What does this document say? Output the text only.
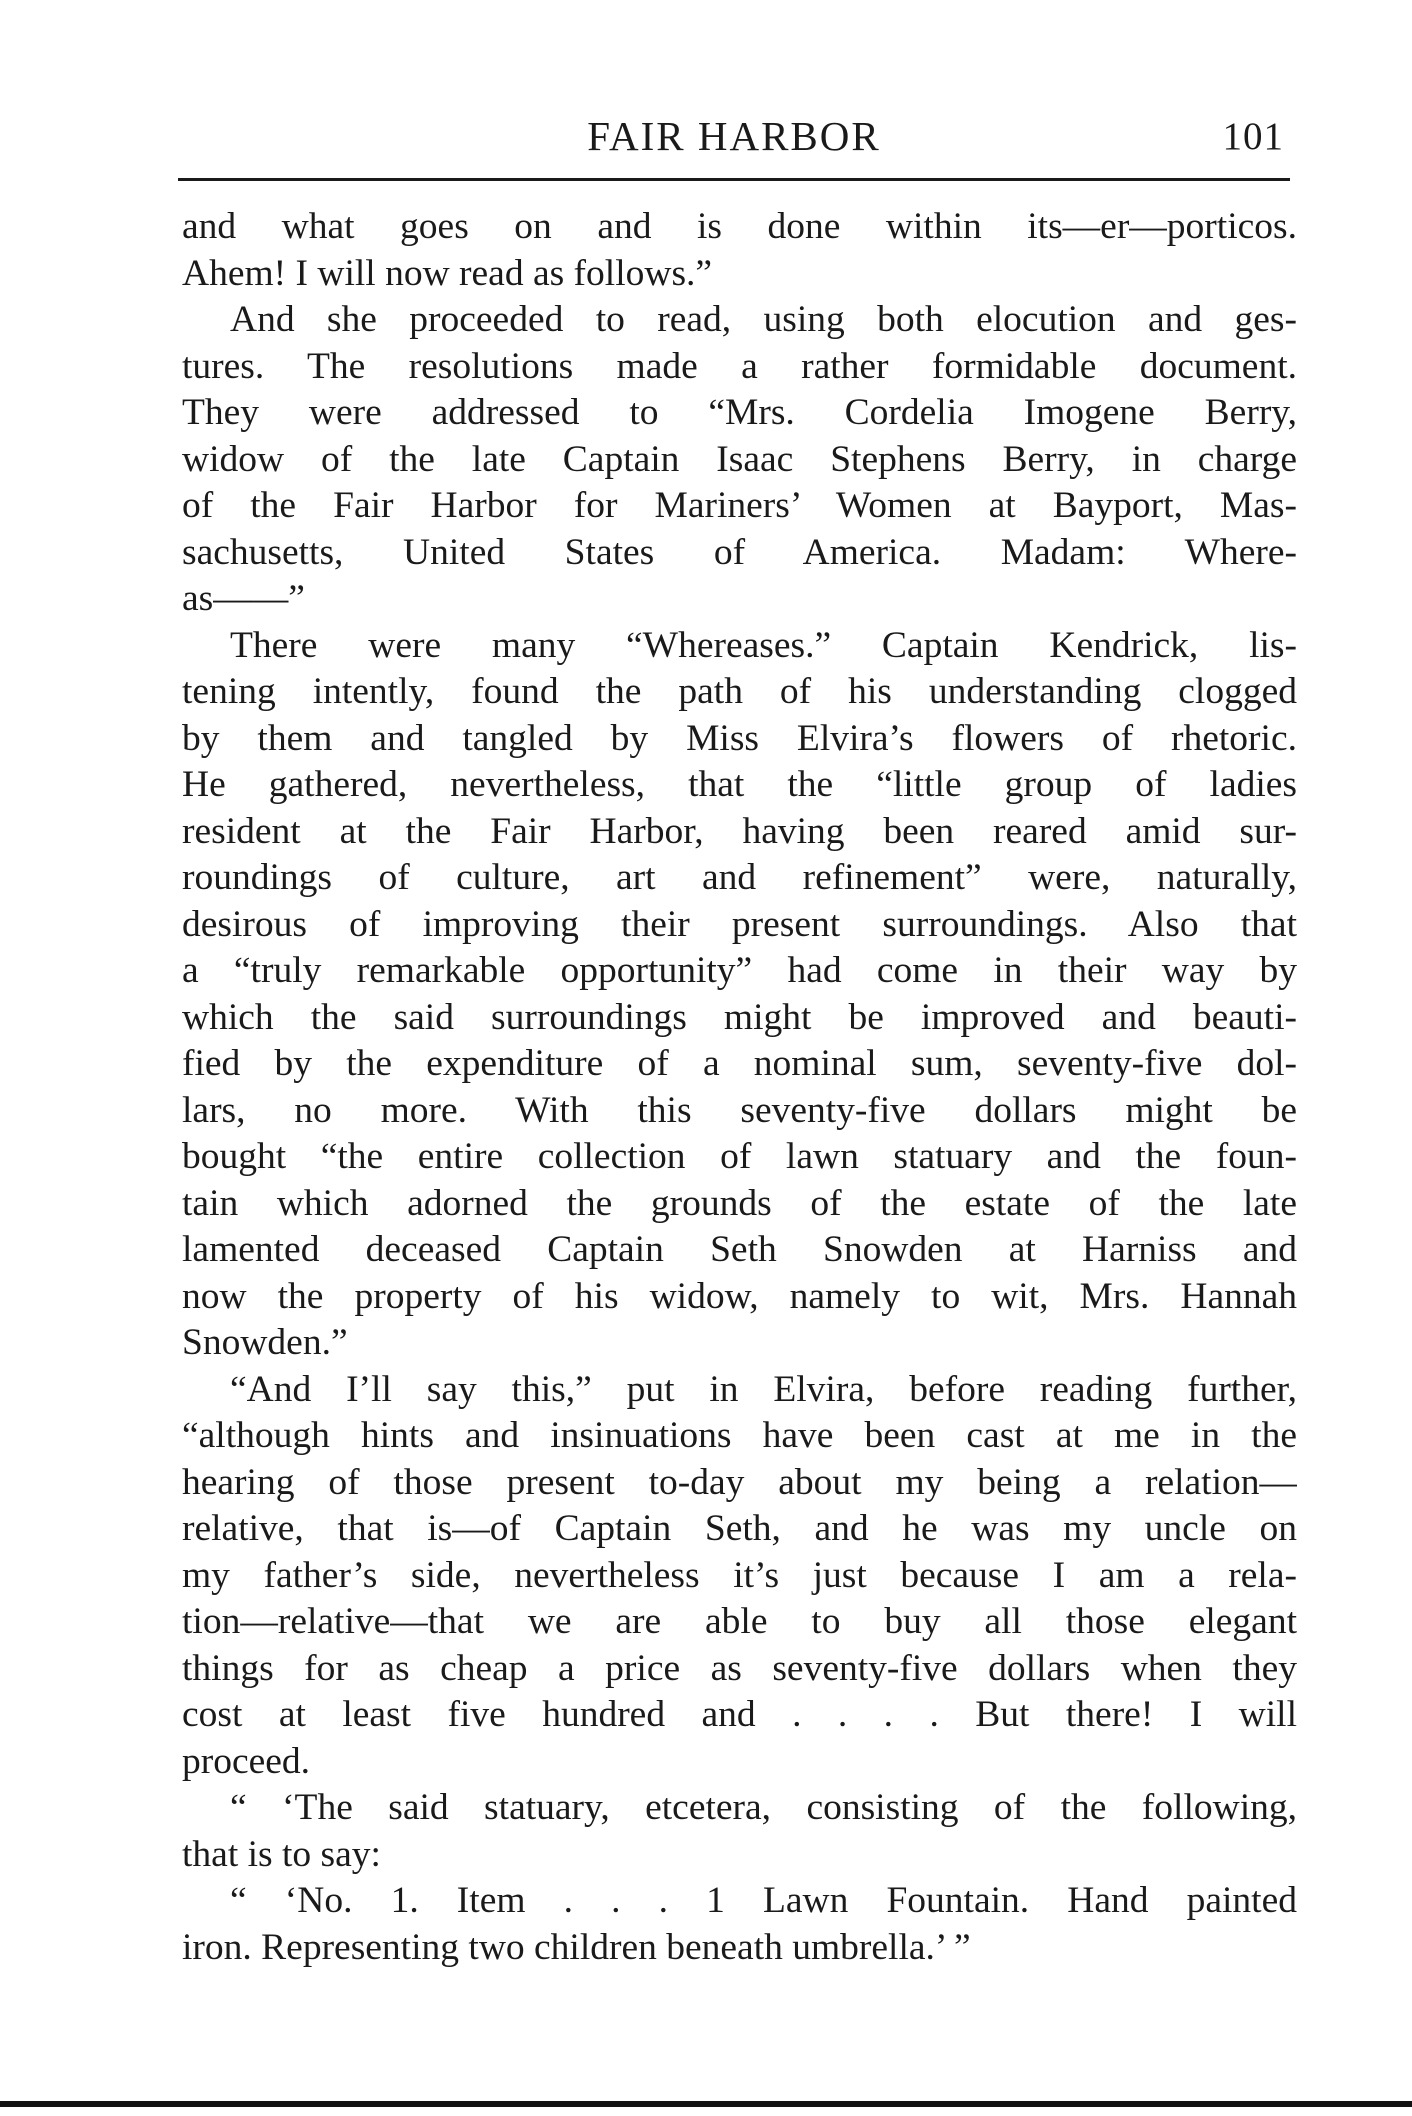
FAIR HARBOR	101
and what goes on and is done within its—er—porticos.
Ahem! I will now read as follows.”
And she proceeded to read, using both elocution and ges-
tures. The resolutions made a rather formidable document.
They were addressed to “Mrs. Cordelia Imogene Berry,
widow of the late Captain Isaac Stephens Berry, in charge
of the Fair Harbor for Mariners’ Women at Bayport, Mas-
sachusetts, United States of America. Madam: Where-
as——”
There were many “Whereases.” Captain Kendrick, lis-
tening intently, found the path of his understanding clogged
by them and tangled by Miss Elvira’s flowers of rhetoric.
He gathered, nevertheless, that the “little group of ladies
resident at the Fair Harbor, having been reared amid sur-
roundings of culture, art and refinement” were, naturally,
desirous of improving their present surroundings. Also that
a “truly remarkable opportunity” had come in their way by
which the said surroundings might be improved and beauti-
fied by the expenditure of a nominal sum, seventy-five dol-
lars, no more. With this seventy-five dollars might be
bought “the entire collection of lawn statuary and the foun-
tain which adorned the grounds of the estate of the late
lamented deceased Captain Seth Snowden at Harniss and
now the property of his widow, namely to wit, Mrs. Hannah
Snowden.”
“And I’ll say this,” put in Elvira, before reading further,
“although hints and insinuations have been cast at me in the
hearing of those present to-day about my being a relation—
relative, that is—of Captain Seth, and he was my uncle on
my father’s side, nevertheless it’s just because I am a rela-
tion—relative—that we are able to buy all those elegant
things for as cheap a price as seventy-five dollars when they
cost at least five hundred and . . . . But there! I will
proceed.
“ ‘The said statuary, etcetera, consisting of the following,
that is to say:
“ ‘No. 1. Item . . . 1 Lawn Fountain. Hand painted
iron. Representing two children beneath umbrella.’ ”
